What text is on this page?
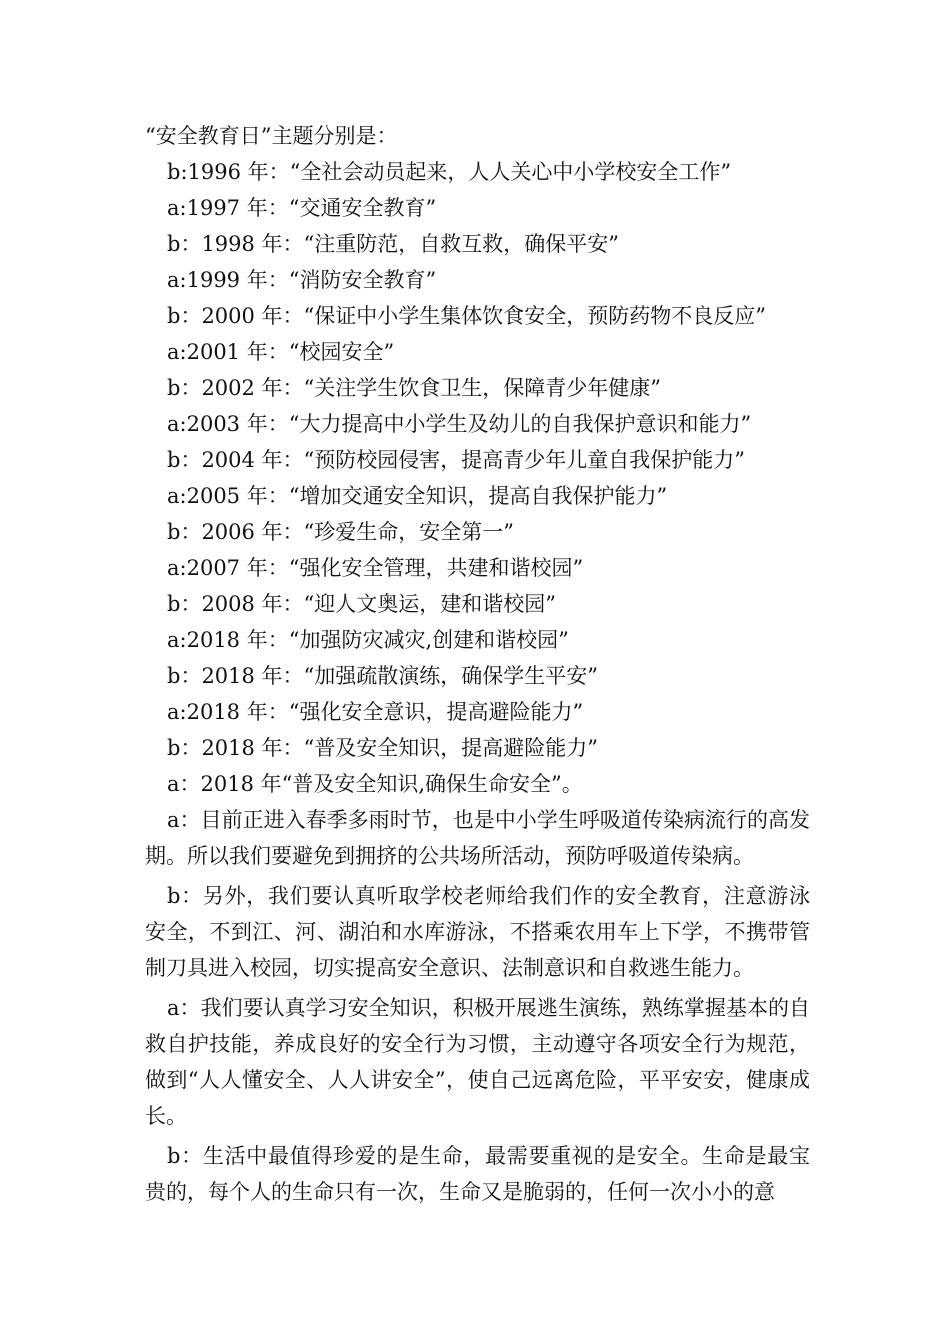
“安全教育日”主题分别是：
b:1996 年：“全社会动员起来，人人关心中小学校安全工作”
a:1997 年：“交通安全教育”
b：1998 年：“注重防范，自救互救，确保平安”
a:1999 年：“消防安全教育”
b：2000 年：“保证中小学生集体饮食安全，预防药物不良反应”
a:2001 年：“校园安全”
b：2002 年：“关注学生饮食卫生，保障青少年健康”
a:2003 年：“大力提高中小学生及幼儿的自我保护意识和能力”
b：2004 年：“预防校园侵害，提高青少年儿童自我保护能力”
a:2005 年：“增加交通安全知识，提高自我保护能力”
b：2006 年：“珍爱生命，安全第一”
a:2007 年：“强化安全管理，共建和谐校园”
b：2008 年：“迎人文奥运，建和谐校园”
a:2018 年：“加强防灾减灾,创建和谐校园”
b：2018 年：“加强疏散演练，确保学生平安”
a:2018 年：“强化安全意识，提高避险能力”
b：2018 年：“普及安全知识，提高避险能力”
a：2018 年“普及安全知识,确保生命安全”。

a：目前正进入春季多雨时节，也是中小学生呼吸道传染病流行的高发期。所以我们要避免到拥挤的公共场所活动，预防呼吸道传染病。

b：另外，我们要认真听取学校老师给我们作的安全教育，注意游泳安全，不到江、河、湖泊和水库游泳，不搭乘农用车上下学，不携带管制刀具进入校园，切实提高安全意识、法制意识和自救逃生能力。

a：我们要认真学习安全知识，积极开展逃生演练，熟练掌握基本的自救自护技能，养成良好的安全行为习惯，主动遵守各项安全行为规范，做到“人人懂安全、人人讲安全”，使自己远离危险，平平安安，健康成长。

b：生活中最值得珍爱的是生命，最需要重视的是安全。生命是最宝贵的，每个人的生命只有一次，生命又是脆弱的，任何一次小小的意
